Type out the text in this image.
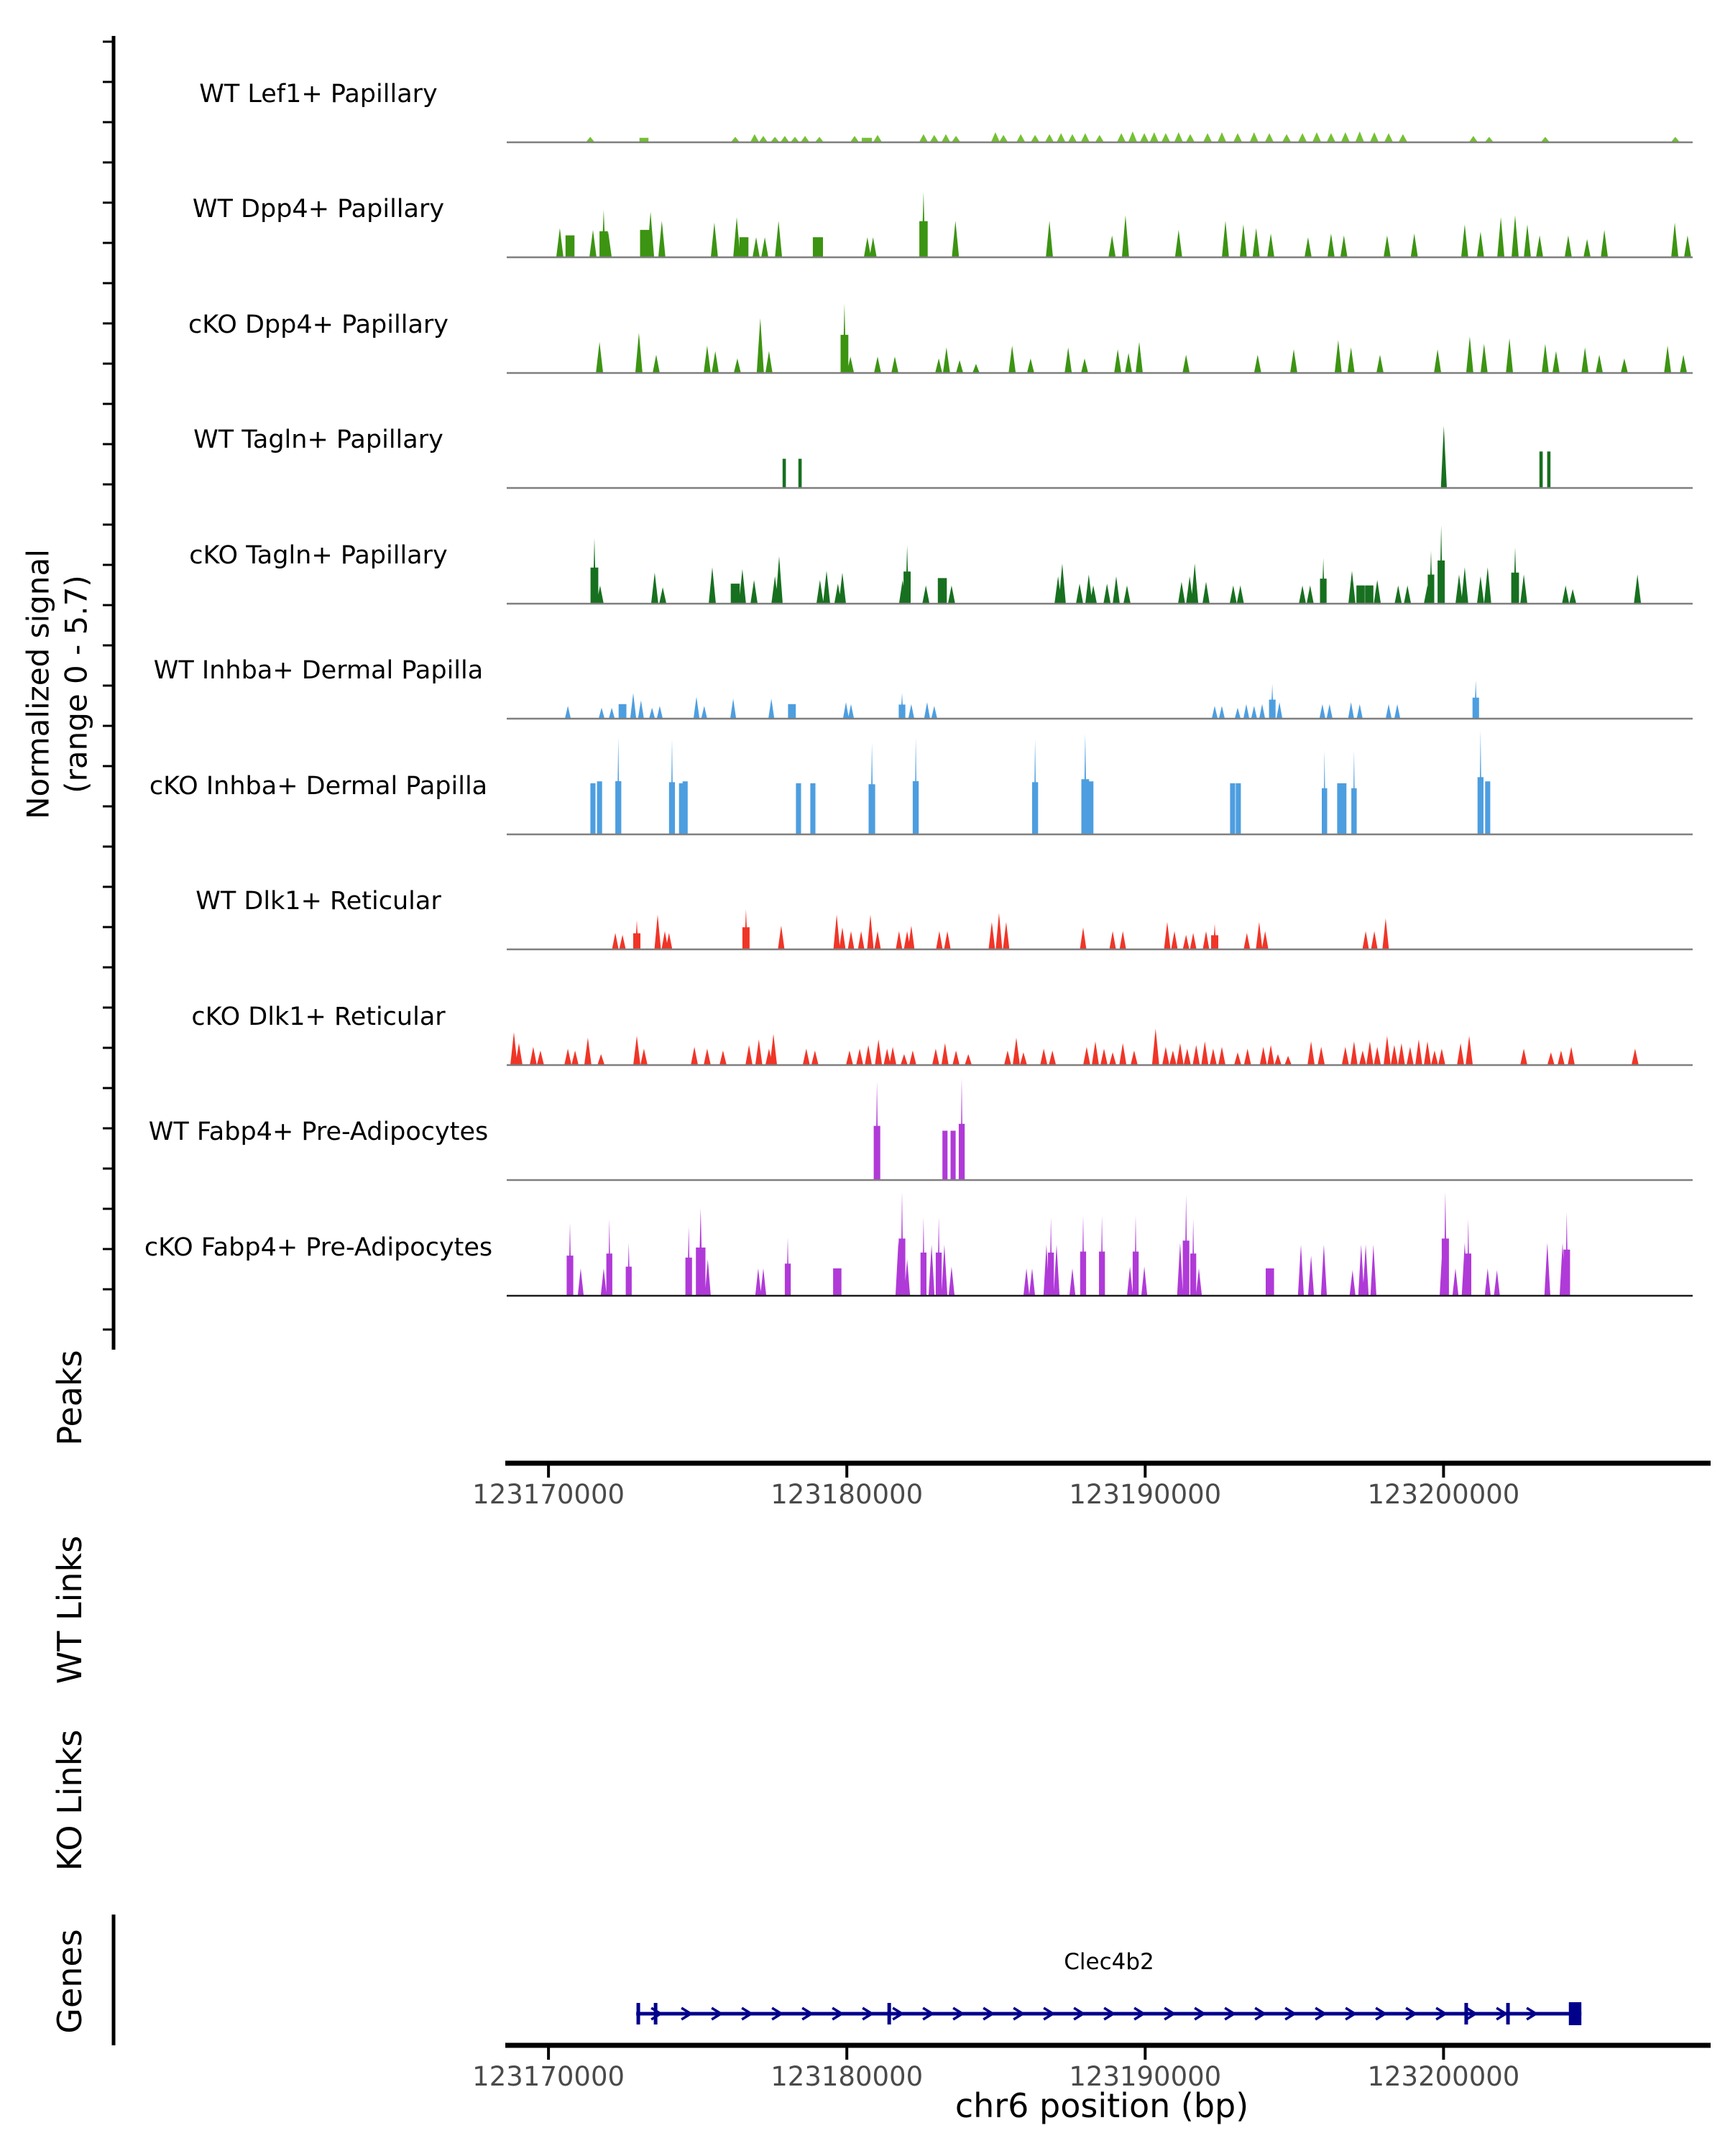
Normalized signal (range 0 - 5.7)
WT Lef1+ Papillary
WT Dpp4+ Papillary
cKO Dpp4+ Papillary
WT Tagln+ Papillary
cKO Tagln+ Papillary
WT Inhba+ Dermal Papilla
cKO Inhba+ Dermal Papilla
WT Dlk1+ Reticular
cKO Dlk1+ Reticular
WT Fabp4+ Pre-Adipocytes
cKO Fabp4+ Pre-Adipocytes
Peaks
WT Links
KO Links
Genes	Clec4b2
chr6 position (bp)
123170000	123180000	123190000	123200000
123170000	123180000	123190000	123200000
